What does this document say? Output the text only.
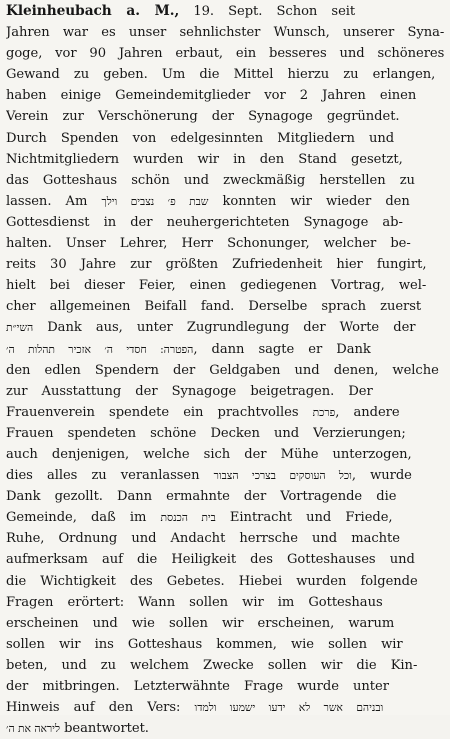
Kleinheubach a. M., 19. Sept. Schon seit
Jahren war es unser sehnlichster Wunsch, unserer Syna-
goge, vor 90 Jahren erbaut, ein besseres und schöneres
Gewand zu geben. Um die Mittel hierzu zu erlangen,
haben einige Gemeindemitglieder vor 2 Jahren einen
Verein zur Verschönerung der Synagoge gegründet.
Durch Spenden von edelgesinnten Mitgliedern und
Nichtmitgliedern wurden wir in den Stand gesetzt,
das Gotteshaus schön und zweckmäßig herstellen zu
lassen. Am שבת פ׳ נצבים וילך konnten wir wieder den
Gottesdienst in der neuhergerichteten Synagoge ab-
halten. Unser Lehrer, Herr Schonunger, welcher be-
reits 30 Jahre zur größten Zufriedenheit hier fungirt,
hielt bei dieser Feier, einen gediegenen Vortrag, wel-
cher allgemeinen Beifall fand. Derselbe sprach zuerst
השי״ת Dank aus, unter Zugrundlegung der Worte der
הפטרה: חסדי ה׳ אזכיר תהלות ה׳, dann sagte er Dank
den edlen Spendern der Geldgaben und denen, welche
zur Ausstattung der Synagoge beigetragen. Der
Frauenverein spendete ein prachtvolles פרכת, andere
Frauen spendeten schöne Decken und Verzierungen;
auch denjenigen, welche sich der Mühe unterzogen,
dies alles zu veranlassen וכל העוסקים בצרכי הצבור, wurde
Dank gezollt. Dann ermahnte der Vortragende die
Gemeinde, daß im בית הכנסת Eintracht und Friede,
Ruhe, Ordnung und Andacht herrsche und machte
aufmerksam auf die Heiligkeit des Gotteshauses und
die Wichtigkeit des Gebetes. Hiebei wurden folgende
Fragen erörtert: Wann sollen wir im Gotteshaus
erscheinen und wie sollen wir erscheinen, warum
sollen wir ins Gotteshaus kommen, wie sollen wir
beten, und zu welchem Zwecke sollen wir die Kin-
der mitbringen. Letzterwähnte Frage wurde unter
Hinweis auf den Vers: ובניהם אשר לא ידעו ישמעו ולמדו
ליראה את ה׳ beantwortet.
